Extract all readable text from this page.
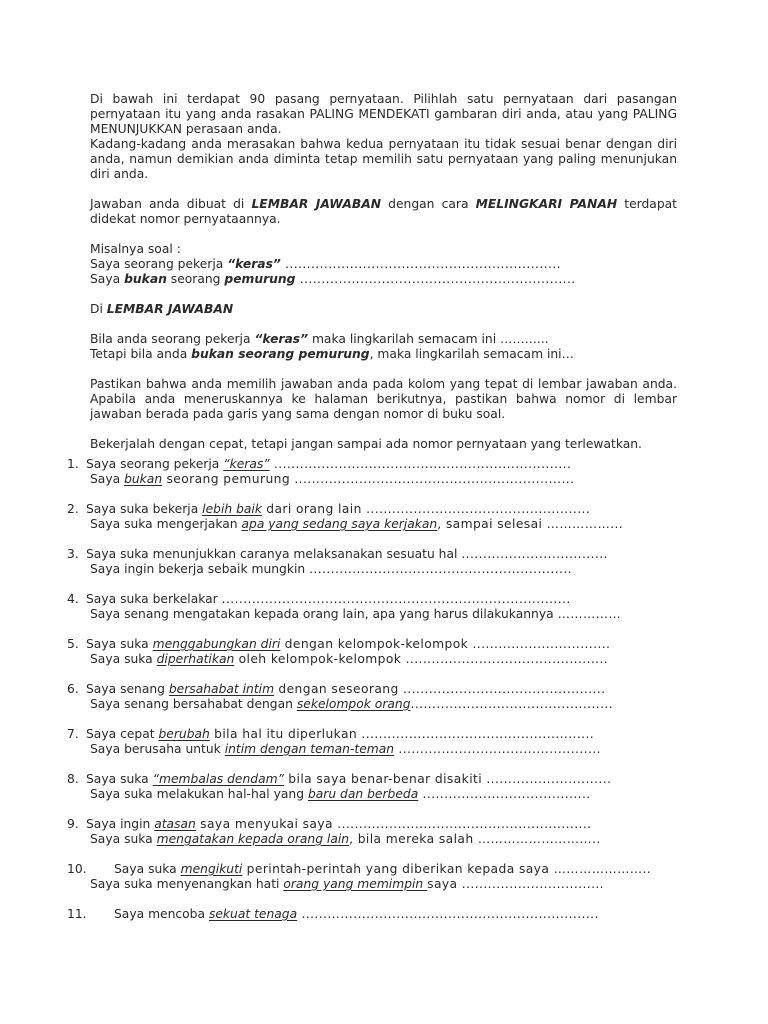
Di bawah ini terdapat 90 pasang pernyataan. Pilihlah satu pernyataan dari pasangan pernyataan itu yang anda rasakan PALING MENDEKATI gambaran diri anda, atau yang PALING MENUNJUKKAN perasaan anda.

Kadang-kadang anda merasakan bahwa kedua pernyataan itu tidak sesuai benar dengan diri anda, namun demikian anda diminta tetap memilih satu pernyataan yang paling menunjukan diri anda.

Jawaban anda dibuat di LEMBAR JAWABAN dengan cara MELINGKARI PANAH terdapat didekat nomor pernyataannya.

Misalnya soal :

Saya seorang pekerja “keras” ................................................................

Saya bukan seorang pemurung ................................................................

Di LEMBAR JAWABAN

Bila anda seorang pekerja “keras” maka lingkarilah semacam ini ………...

Tetapi bila anda bukan seorang pemurung, maka lingkarilah semacam ini…

Pastikan bahwa anda memilih jawaban anda pada kolom yang tepat di lembar jawaban anda. Apabila anda meneruskannya ke halaman berikutnya, pastikan bahwa nomor di lembar jawaban berada pada garis yang sama dengan nomor di buku soal.

Bekerjalah dengan cepat, tetapi jangan sampai ada nomor pernyataan yang terlewatkan.

1. Saya seorang pekerja “keras” .....................................................................
Saya bukan seorang pemurung .................................................................
2. Saya suka bekerja lebih baik dari orang lain ....................................................
Saya suka mengerjakan apa yang sedang saya kerjakan, sampai selesai ……………...
3. Saya suka menunjukkan caranya melaksanakan sesuatu hal ..................................
Saya ingin bekerja sebaik mungkin .............................................................
4. Saya suka berkelakar .................................................................................
Saya senang mengatakan kepada orang lain, apa yang harus dilakukannya ……………
5. Saya suka menggabungkan diri dengan kelompok-kelompok ................................
Saya suka diperhatikan oleh kelompok-kelompok ...............................................
6. Saya senang bersahabat intim dengan seseorang ...............................................
Saya senang bersahabat dengan sekelompok orang...............................................
7. Saya cepat berubah bila hal itu diperlukan ......................................................
Saya berusaha untuk intim dengan teman-teman ...............................................
8. Saya suka “membalas dendam” bila saya benar-benar disakiti .............................
Saya suka melakukan hal-hal yang baru dan berbeda .......................................
9. Saya ingin atasan saya menyukai saya ...........................................................
Saya suka mengatakan kepada orang lain, bila mereka salah ………………………..
10. Saya suka mengikuti perintah-perintah yang diberikan kepada saya …………………..
Saya suka menyenangkan hati orang yang memimpin saya .................................
11. Saya mencoba sekuat tenaga .....................................................................
